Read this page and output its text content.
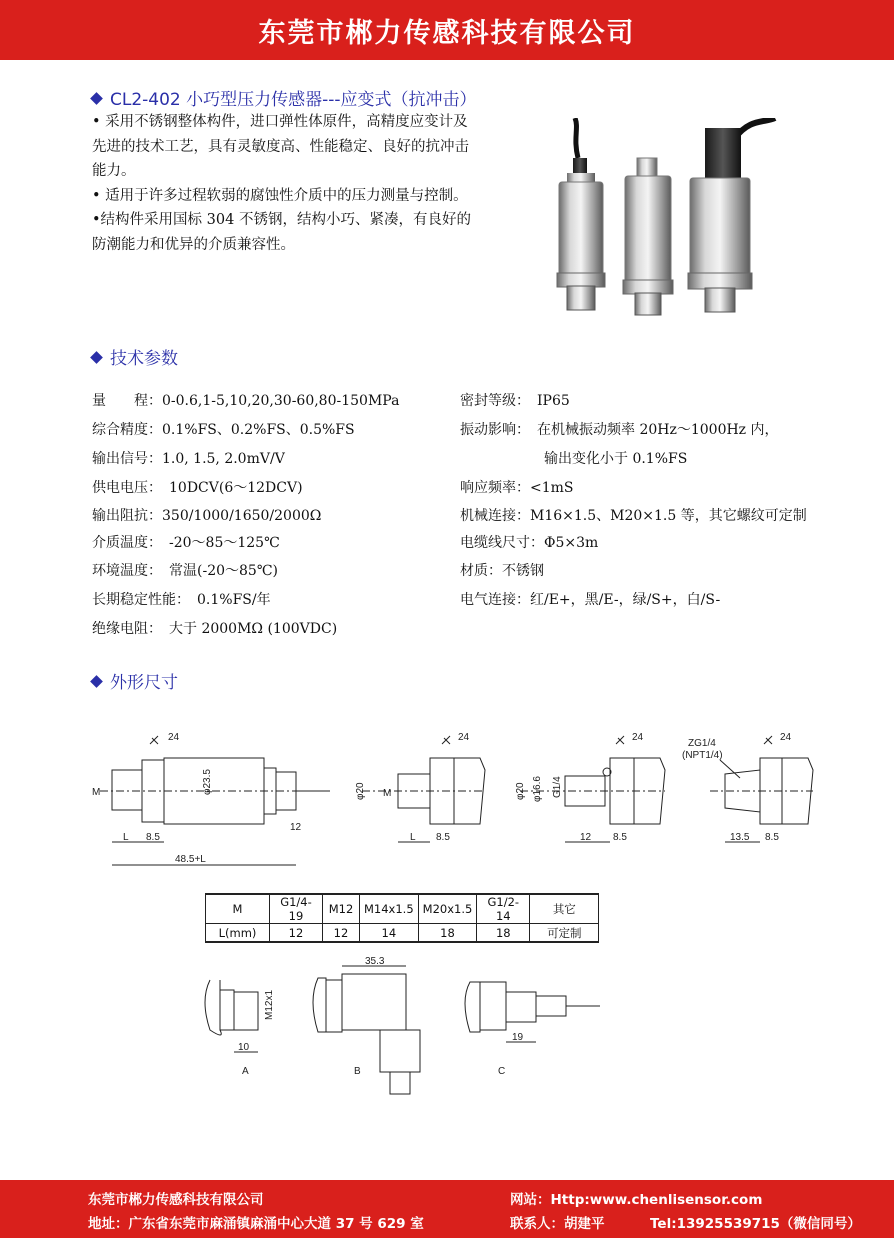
东莞市郴力传感科技有限公司
CL2-402 小巧型压力传感器---应变式（抗冲击）

• 采用不锈钢整体构件，进口弹性体原件，高精度应变计及先进的技术工艺，具有灵敏度高、性能稳定、良好的抗冲击能力。

• 适用于许多过程软弱的腐蚀性介质中的压力测量与控制。

•结构件采用国标 304 不锈钢，结构小巧、紧凑，有良好的防潮能力和优异的介质兼容性。

技术参数
量　　程：0-0.6,1-5,10,20,30-60,80-150MPa
综合精度：0.1%FS、0.2%FS、0.5%FS
输出信号：1.0, 1.5, 2.0mV/V
供电电压：　10DCV(6～12DCV)
输出阻抗：350/1000/1650/2000Ω
介质温度：　-20～85～125℃
环境温度：　常温(-20～85℃)
长期稳定性能：　0.1%FS/年
绝缘电阻：　大于 2000MΩ (100VDC)
密封等级：　IP65
振动影响：　在机械振动频率 20Hz～1000Hz 内，
　　　　　　输出变化小于 0.1%FS
响应频率：<1mS
机械连接：M16×1.5、M20×1.5 等，其它螺纹可定制
电缆线尺寸：Φ5×3m
材质：不锈钢
电气连接：红/E+，黑/E-，绿/S+，白/S-
外形尺寸
24
M	φ23.5
L 8.5
12
48.5+L
24
φ20 M
L 8.5
24
φ20 φ16.6 G1/4
12 8.5
24
ZG1/4
(NPT1/4)
13.5 8.5
M12x1
10
A
35.3
B
19
C
M	G1/4-19	M12	M14x1.5	M20x1.5	G1/2-14	其它
L(mm)	12	12	14	18	18	可定制
东莞市郴力传感科技有限公司	网站：Http:www.chenlisensor.com
地址：广东省东莞市麻涌镇麻涌中心大道 37 号 629 室	联系人：胡建平	Tel:13925539715（微信同号）
